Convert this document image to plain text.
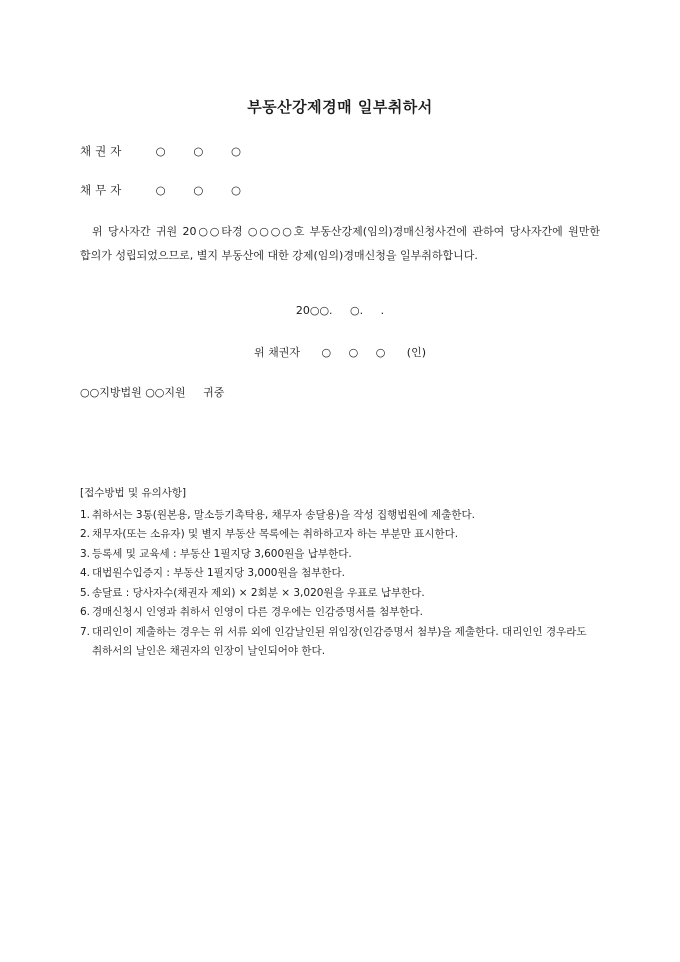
부동산강제경매 일부취하서
채권자	○ ○ ○
채무자	○ ○ ○
위 당사자간 귀원 20○○타경 ○○○○호 부동산강제(임의)경매신청사건에 관하여 당사자간에 원만한 합의가 성립되었으므로, 별지 부동산에 대한 강제(임의)경매신청을 일부취하합니다.
20○○. ○. .
위 채권자 ○ ○ ○ (인)
○○지방법원 ○○지원 귀중
[접수방법 및 유의사항]
1. 취하서는 3통(원본용, 말소등기촉탁용, 채무자 송달용)을 작성 집행법원에 제출한다.
2. 채무자(또는 소유자) 및 별지 부동산 목록에는 취하하고자 하는 부분만 표시한다.
3. 등록세 및 교육세 : 부동산 1필지당 3,600원을 납부한다.
4. 대법원수입증지 : 부동산 1필지당 3,000원을 첨부한다.
5. 송달료 : 당사자수(채권자 제외) × 2회분 × 3,020원을 우표로 납부한다.
6. 경매신청시 인영과 취하서 인영이 다른 경우에는 인감증명서를 첨부한다.
7. 대리인이 제출하는 경우는 위 서류 외에 인감날인된 위임장(인감증명서 첨부)을 제출한다. 대리인인 경우라도 취하서의 날인은 채권자의 인장이 날인되어야 한다.
